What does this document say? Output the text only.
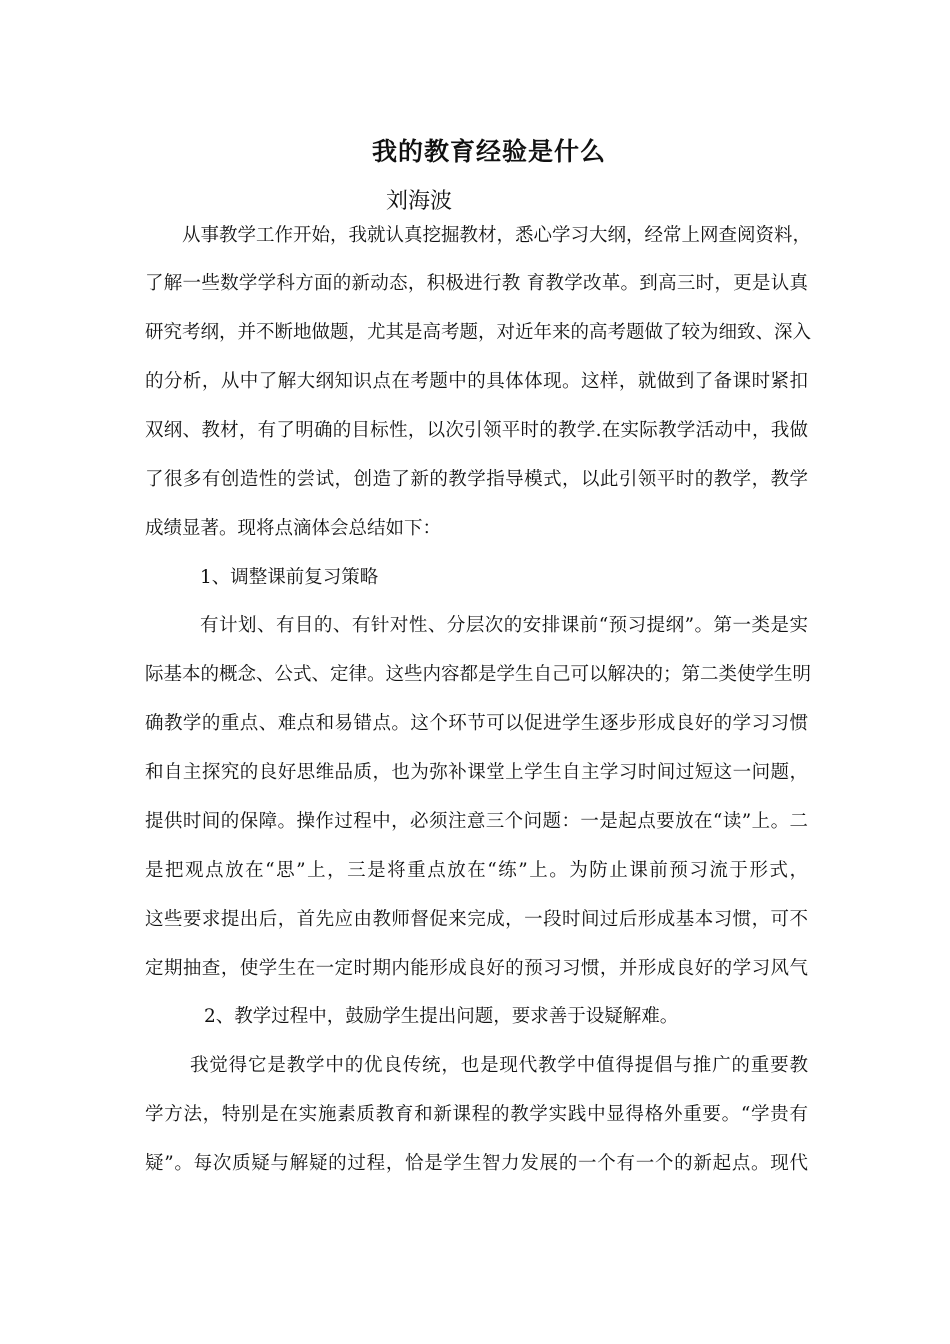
我的教育经验是什么
刘海波
从事教学工作开始，我就认真挖掘教材，悉心学习大纲，经常上网查阅资料，
了解一些数学学科方面的新动态，积极进行教 育教学改革。到高三时，更是认真
研究考纲，并不断地做题，尤其是高考题，对近年来的高考题做了较为细致、深入
的分析，从中了解大纲知识点在考题中的具体体现。这样，就做到了备课时紧扣
双纲、教材，有了明确的目标性，以次引领平时的教学.在实际教学活动中，我做
了很多有创造性的尝试，创造了新的教学指导模式，以此引领平时的教学，教学
成绩显著。现将点滴体会总结如下：
1、调整课前复习策略
有计划、有目的、有针对性、分层次的安排课前“预习提纲”。第一类是实
际基本的概念、公式、定律。这些内容都是学生自己可以解决的；第二类使学生明
确教学的重点、难点和易错点。这个环节可以促进学生逐步形成良好的学习习惯
和自主探究的良好思维品质，也为弥补课堂上学生自主学习时间过短这一问题，
提供时间的保障。操作过程中，必须注意三个问题：一是起点要放在“读”上。二
是把观点放在“思”上，三是将重点放在“练”上。为防止课前预习流于形式，
这些要求提出后，首先应由教师督促来完成，一段时间过后形成基本习惯，可不
定期抽查，使学生在一定时期内能形成良好的预习习惯，并形成良好的学习风气
2、教学过程中，鼓励学生提出问题，要求善于设疑解难。
我觉得它是教学中的优良传统，也是现代教学中值得提倡与推广的重要教
学方法，特别是在实施素质教育和新课程的教学实践中显得格外重要。“学贵有
疑”。每次质疑与解疑的过程，恰是学生智力发展的一个有一个的新起点。现代
